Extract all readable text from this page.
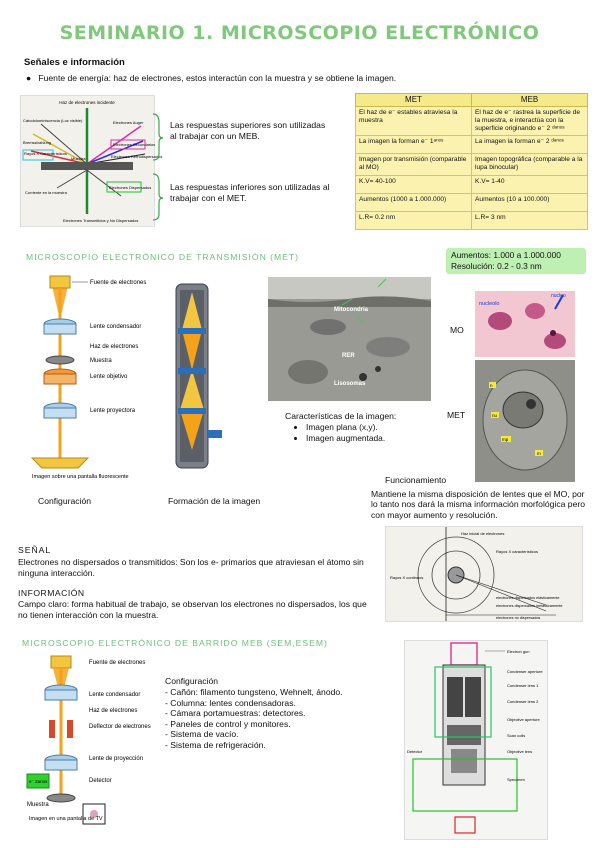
SEMINARIO 1. MICROSCOPIO ELECTRÓNICO
Señales e información
●   Fuente de energía: haz de electrones, estos interactún con la muestra y se obtiene la imagen.
Haz de electrones incidente
Catodoluminiscencia (Luz visible)
Rayos X Característicos
Electrones Auger
Electrones Secundarios
Electrones Retrodispersados
Bremsstrahlung
Muestra
Corriente en la muestra
Electrones Dispersados
Electrones Transmitidos y No Dispersados
Las respuestas superiores son utilizadas al trabajar con un MEB.
Las respuestas inferiores son utilizadas al trabajar con el MET.
MET	MEB
El haz de e⁻ estables atraviesa la muestra	El haz de e⁻ rastrea la superficie de la muestra, e interactúa con la superficie originando e⁻ 2 ᵈᵃʳᶦᵒˢ
La imagen la forman e⁻ 1ᵃʳᶦᵒˢ	La imagen la forman e⁻ 2 ᵈᵃʳᶦᵒˢ
Imagen por transmisión (comparable al MO)	Imagen topográfica (comparable a la lupa binocular)
K.V= 40-100	K.V= 1-40
Aumentos (1000 a 1.000.000)	Aumentos (10 a 100.000)
L.R= 0.2 nm	L.R= 3 nm
MICROSCOPIO ELECTRÓNICO DE TRANSMISIÓN (MET)	Aumentos: 1.000 a 1.000.000
Resolución: 0.2 - 0.3 nm
Fuente de electrones
Lente condensador
Haz de electrones
Muestra
Lente objetivo
Lente proyectora
Imagen sobre una pantalla fluorescente
Configuración	Formación de la imagen
Mitocondria
RER
Lisosomas
Características de la imagen:
• Imagen plana (x,y).
• Imagen augmentada.
MO
nucleolo
nucleo
MET
n
nu
mp
m
Funcionamiento
Mantiene la misma disposición de lentes que el MO, por lo tanto nos dará la misma información morfológica pero con mayor aumento y resolución.
SEÑAL
Electrones no dispersados o transmitidos: Son los e- primarios que atraviesan el átomo sin ninguna interacción.
INFORMACIÓN
Campo claro: forma habitual de trabajo, se observan los electrones no dispersados, los que no tienen interacción con la muestra.
Haz inicial de electrones
Rayos X característicos
Rayos X continuos
electrones dispersados elásticamente
electrones dispersados inelásticamente
electrones no dispersados
MICROSCOPIO ELECTRÓNICO DE BARRIDO MEB (SEM,ESEM)
Fuente de electrones
Lente condensador
Haz de electrones
Deflector de electrones
Lente de proyección
Detector
Muestra
Imagen en una pantalla de TV
e⁻ 2arios
Configuración
- Cañón: filamento tungsteno, Wehnelt, ánodo.
- Columna: lentes condensadoras.
- Cámara portamuestras: detectores.
- Paneles de control y monitores.
- Sistema de vacío.
- Sistema de refrigeración.
Electron gun
Condenser aperture
Condenser lens 1
Condenser lens 2
Objective aperture
Scan coils
Objective lens
Specimen
Detector
